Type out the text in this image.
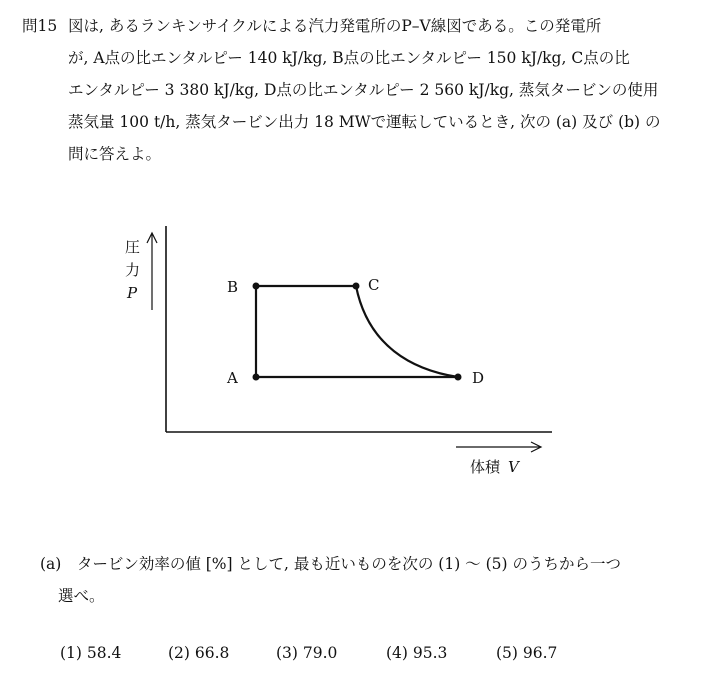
問15 図は, あるランキンサイクルによる汽力発電所のP–V線図である。この発電所
が, A点の比エンタルピー 140 kJ/kg, B点の比エンタルピー 150 kJ/kg, C点の比
エンタルピー 3 380 kJ/kg, D点の比エンタルピー 2 560 kJ/kg, 蒸気タービンの使用
蒸気量 100 t/h, 蒸気タービン出力 18 MWで運転しているとき, 次の (a) 及び (b) の
問に答えよ。
圧
力
P
体積 V
A
B	C
D
(a)　タービン効率の値 [%] として, 最も近いものを次の (1) ～ (5) のうちから一つ
選べ。
(1) 58.4	(2) 66.8	(3) 79.0	(4) 95.3	(5) 96.7
